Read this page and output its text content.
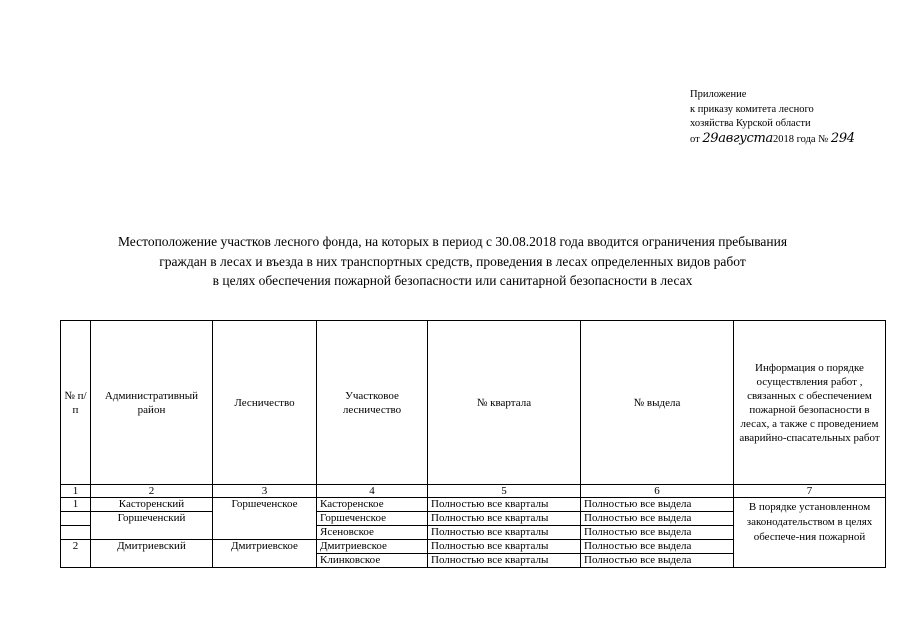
Приложение
к приказу комитета лесного
хозяйства Курской области
от 29августа2018 года № 294
Местоположение участков лесного фонда, на которых в период с 30.08.2018 года вводится ограничения пребывания
граждан в лесах и въезда в них транспортных средств, проведения в лесах определенных видов работ
в целях обеспечения пожарной безопасности или санитарной безопасности в лесах
№ п/п	Административный район	Лесничество	Участковое лесничество	№ квартала	№ выдела	Информация о порядке осуществления работ , связанных с обеспечением пожарной безопасности в лесах, а также с проведением аварийно-спасательных работ
1	2	3	4	5	6	7
1	Касторенский	Горшеченское	Касторенское	Полностью все кварталы	Полностью все выдела	В порядке установленном законодательством в целях обеспече-ния пожарной
	Горшеченский		Горшеченское	Полностью все кварталы	Полностью все выдела	
			Ясеновское	Полностью все кварталы	Полностью все выдела	
2	Дмитриевский	Дмитриевское	Дмитриевское	Полностью все кварталы	Полностью все выдела	
			Клинковское	Полностью все кварталы	Полностью все выдела	
